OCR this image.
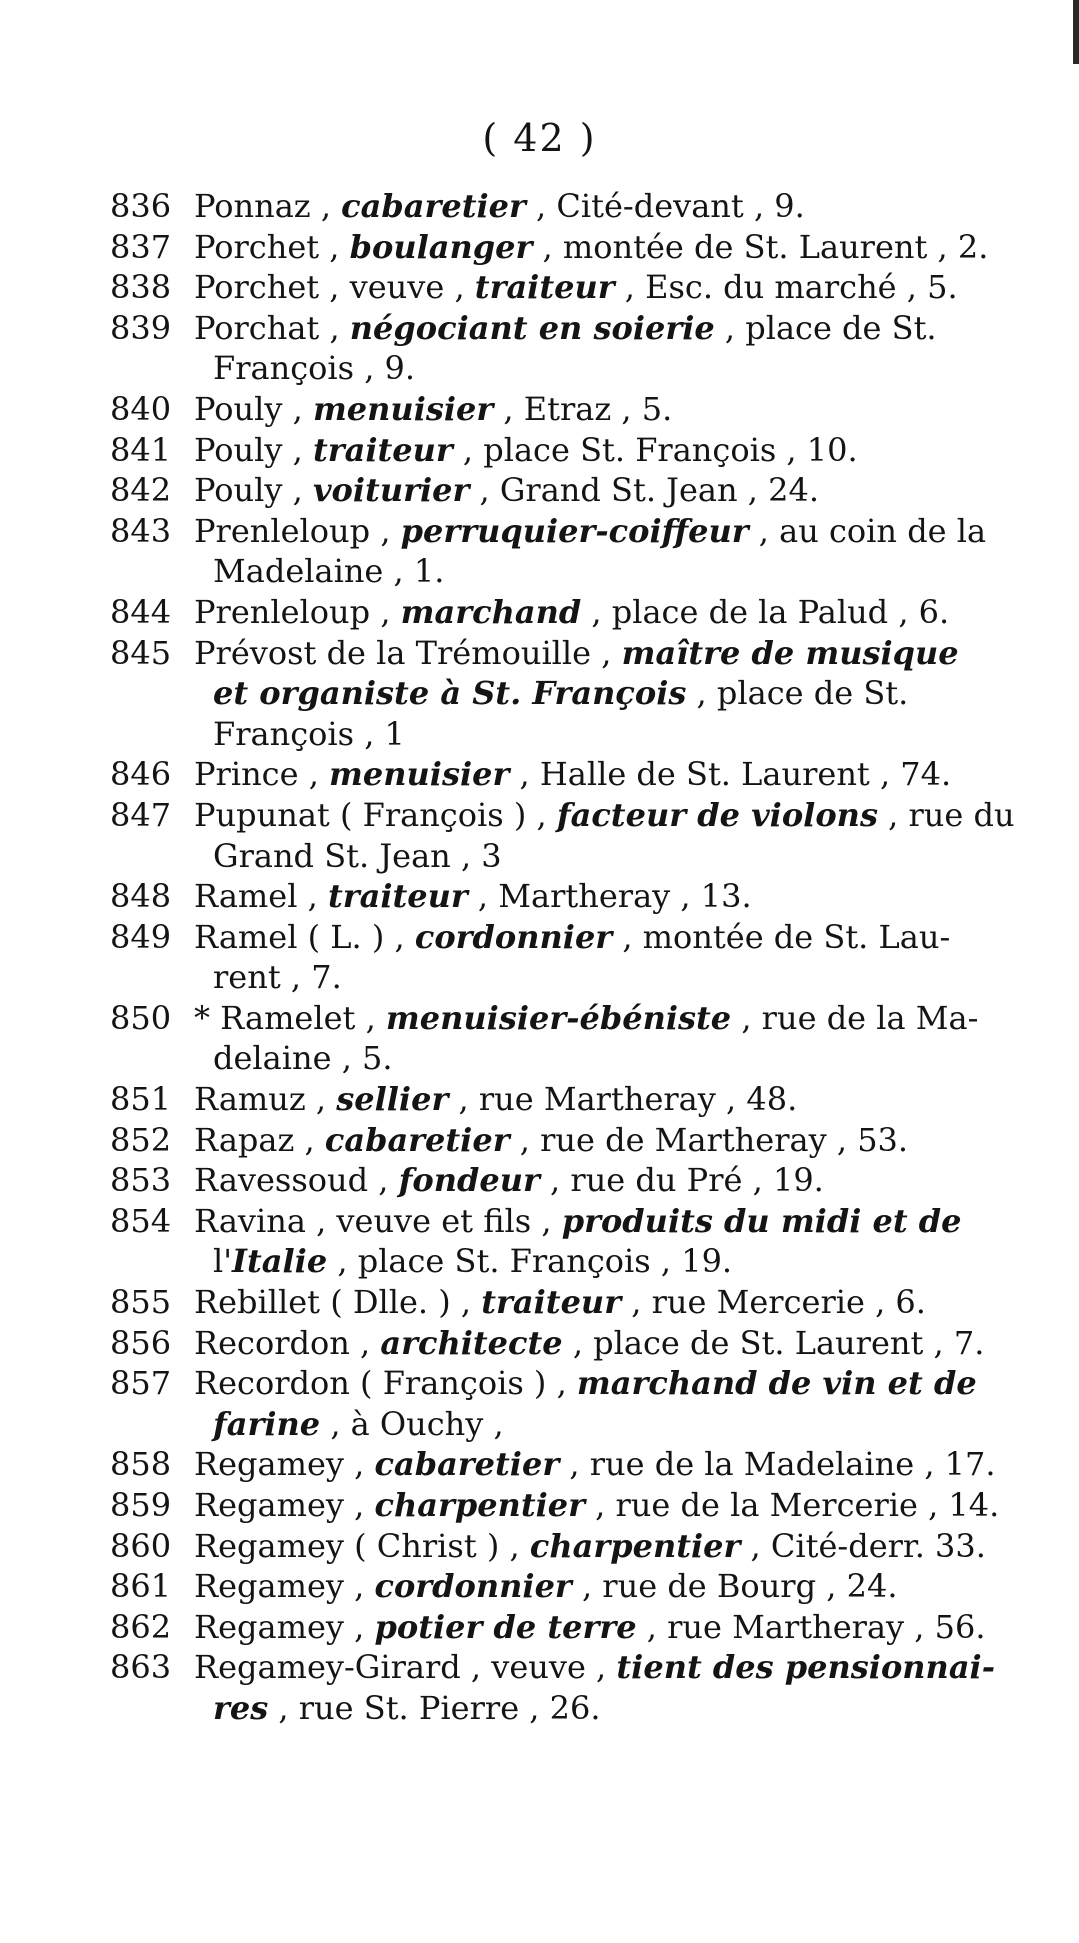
( 42 )
836 Ponnaz , cabaretier , Cité-devant , 9.
837 Porchet , boulanger , montée de St. Laurent , 2.
838 Porchet , veuve , traiteur , Esc. du marché , 5.
839 Porchat , négociant en soierie , place de St.
François , 9.
840 Pouly , menuisier , Etraz , 5.
841 Pouly , traiteur , place St. François , 10.
842 Pouly , voiturier , Grand St. Jean , 24.
843 Prenleloup , perruquier-coiffeur , au coin de la
Madelaine , 1.
844 Prenleloup , marchand , place de la Palud , 6.
845 Prévost de la Trémouille , maître de musique
et organiste à St. François , place de St.
François , 1
846 Prince , menuisier , Halle de St. Laurent , 74.
847 Pupunat ( François ) , facteur de violons , rue du
Grand St. Jean , 3
848 Ramel , traiteur , Martheray , 13.
849 Ramel ( L. ) , cordonnier , montée de St. Lau-
rent , 7.
850 * Ramelet , menuisier-ébéniste , rue de la Ma-
delaine , 5.
851 Ramuz , sellier , rue Martheray , 48.
852 Rapaz , cabaretier , rue de Martheray , 53.
853 Ravessoud , fondeur , rue du Pré , 19.
854 Ravina , veuve et fils , produits du midi et de
l'Italie , place St. François , 19.
855 Rebillet ( Dlle. ) , traiteur , rue Mercerie , 6.
856 Recordon , architecte , place de St. Laurent , 7.
857 Recordon ( François ) , marchand de vin et de
farine , à Ouchy ,
858 Regamey , cabaretier , rue de la Madelaine , 17.
859 Regamey , charpentier , rue de la Mercerie , 14.
860 Regamey ( Christ ) , charpentier , Cité-derr. 33.
861 Regamey , cordonnier , rue de Bourg , 24.
862 Regamey , potier de terre , rue Martheray , 56.
863 Regamey-Girard , veuve , tient des pensionnai-
res , rue St. Pierre , 26.
